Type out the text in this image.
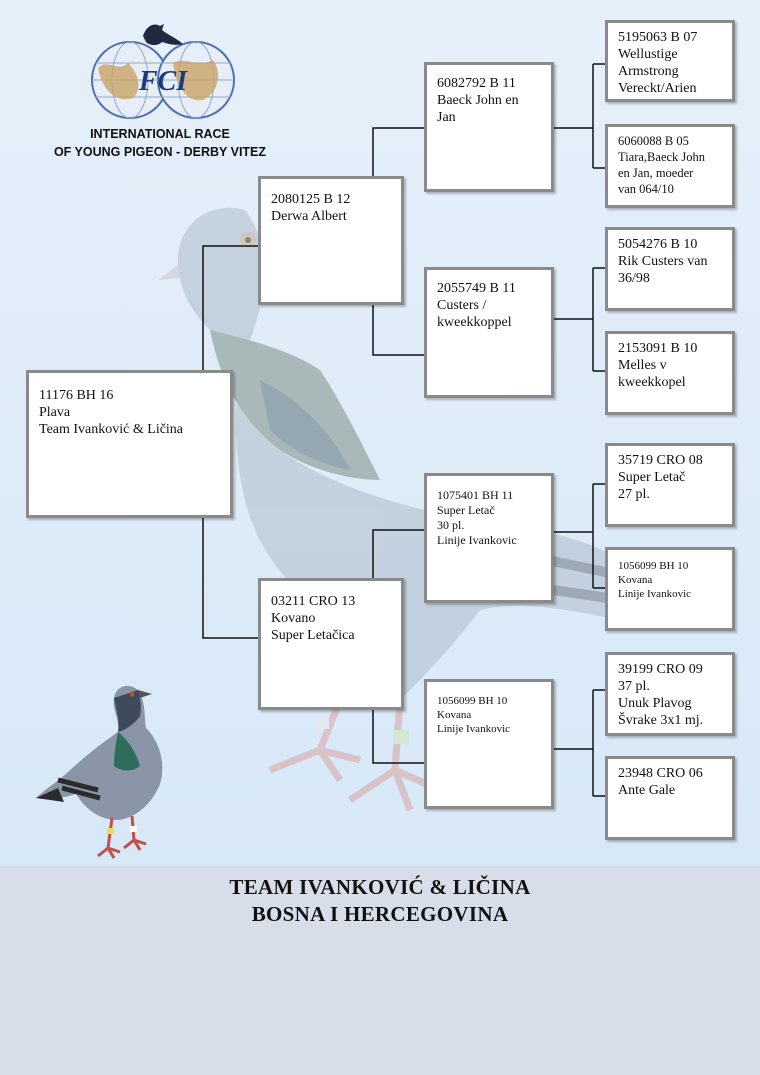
FCI
INTERNATIONAL RACE
OF YOUNG PIGEON - DERBY VITEZ
11176 BH 16
Plava
Team Ivanković & Ličina
2080125 B 12
Derwa Albert
03211 CRO 13
Kovano
Super Letačica
6082792 B 11
Baeck John en
Jan
2055749 B 11
Custers /
kweekkoppel
1075401 BH 11
Super Letač
30 pl.
Linije Ivankovic
1056099 BH 10
Kovana
Linije Ivankovic
5195063 B 07
Wellustige
Armstrong
Vereckt/Arien
6060088 B 05
Tiara,Baeck John
en Jan, moeder
van 064/10
5054276 B 10
Rik Custers van
36/98
2153091 B 10
Melles v
kweekkopel
35719 CRO 08
Super Letač
27 pl.
1056099 BH 10
Kovana
Linije Ivankovic
39199 CRO 09
37 pl.
Unuk Plavog
Švrake 3x1 mj.
23948 CRO 06
Ante Gale
TEAM IVANKOVIĆ & LIČINA
BOSNA I HERCEGOVINA
